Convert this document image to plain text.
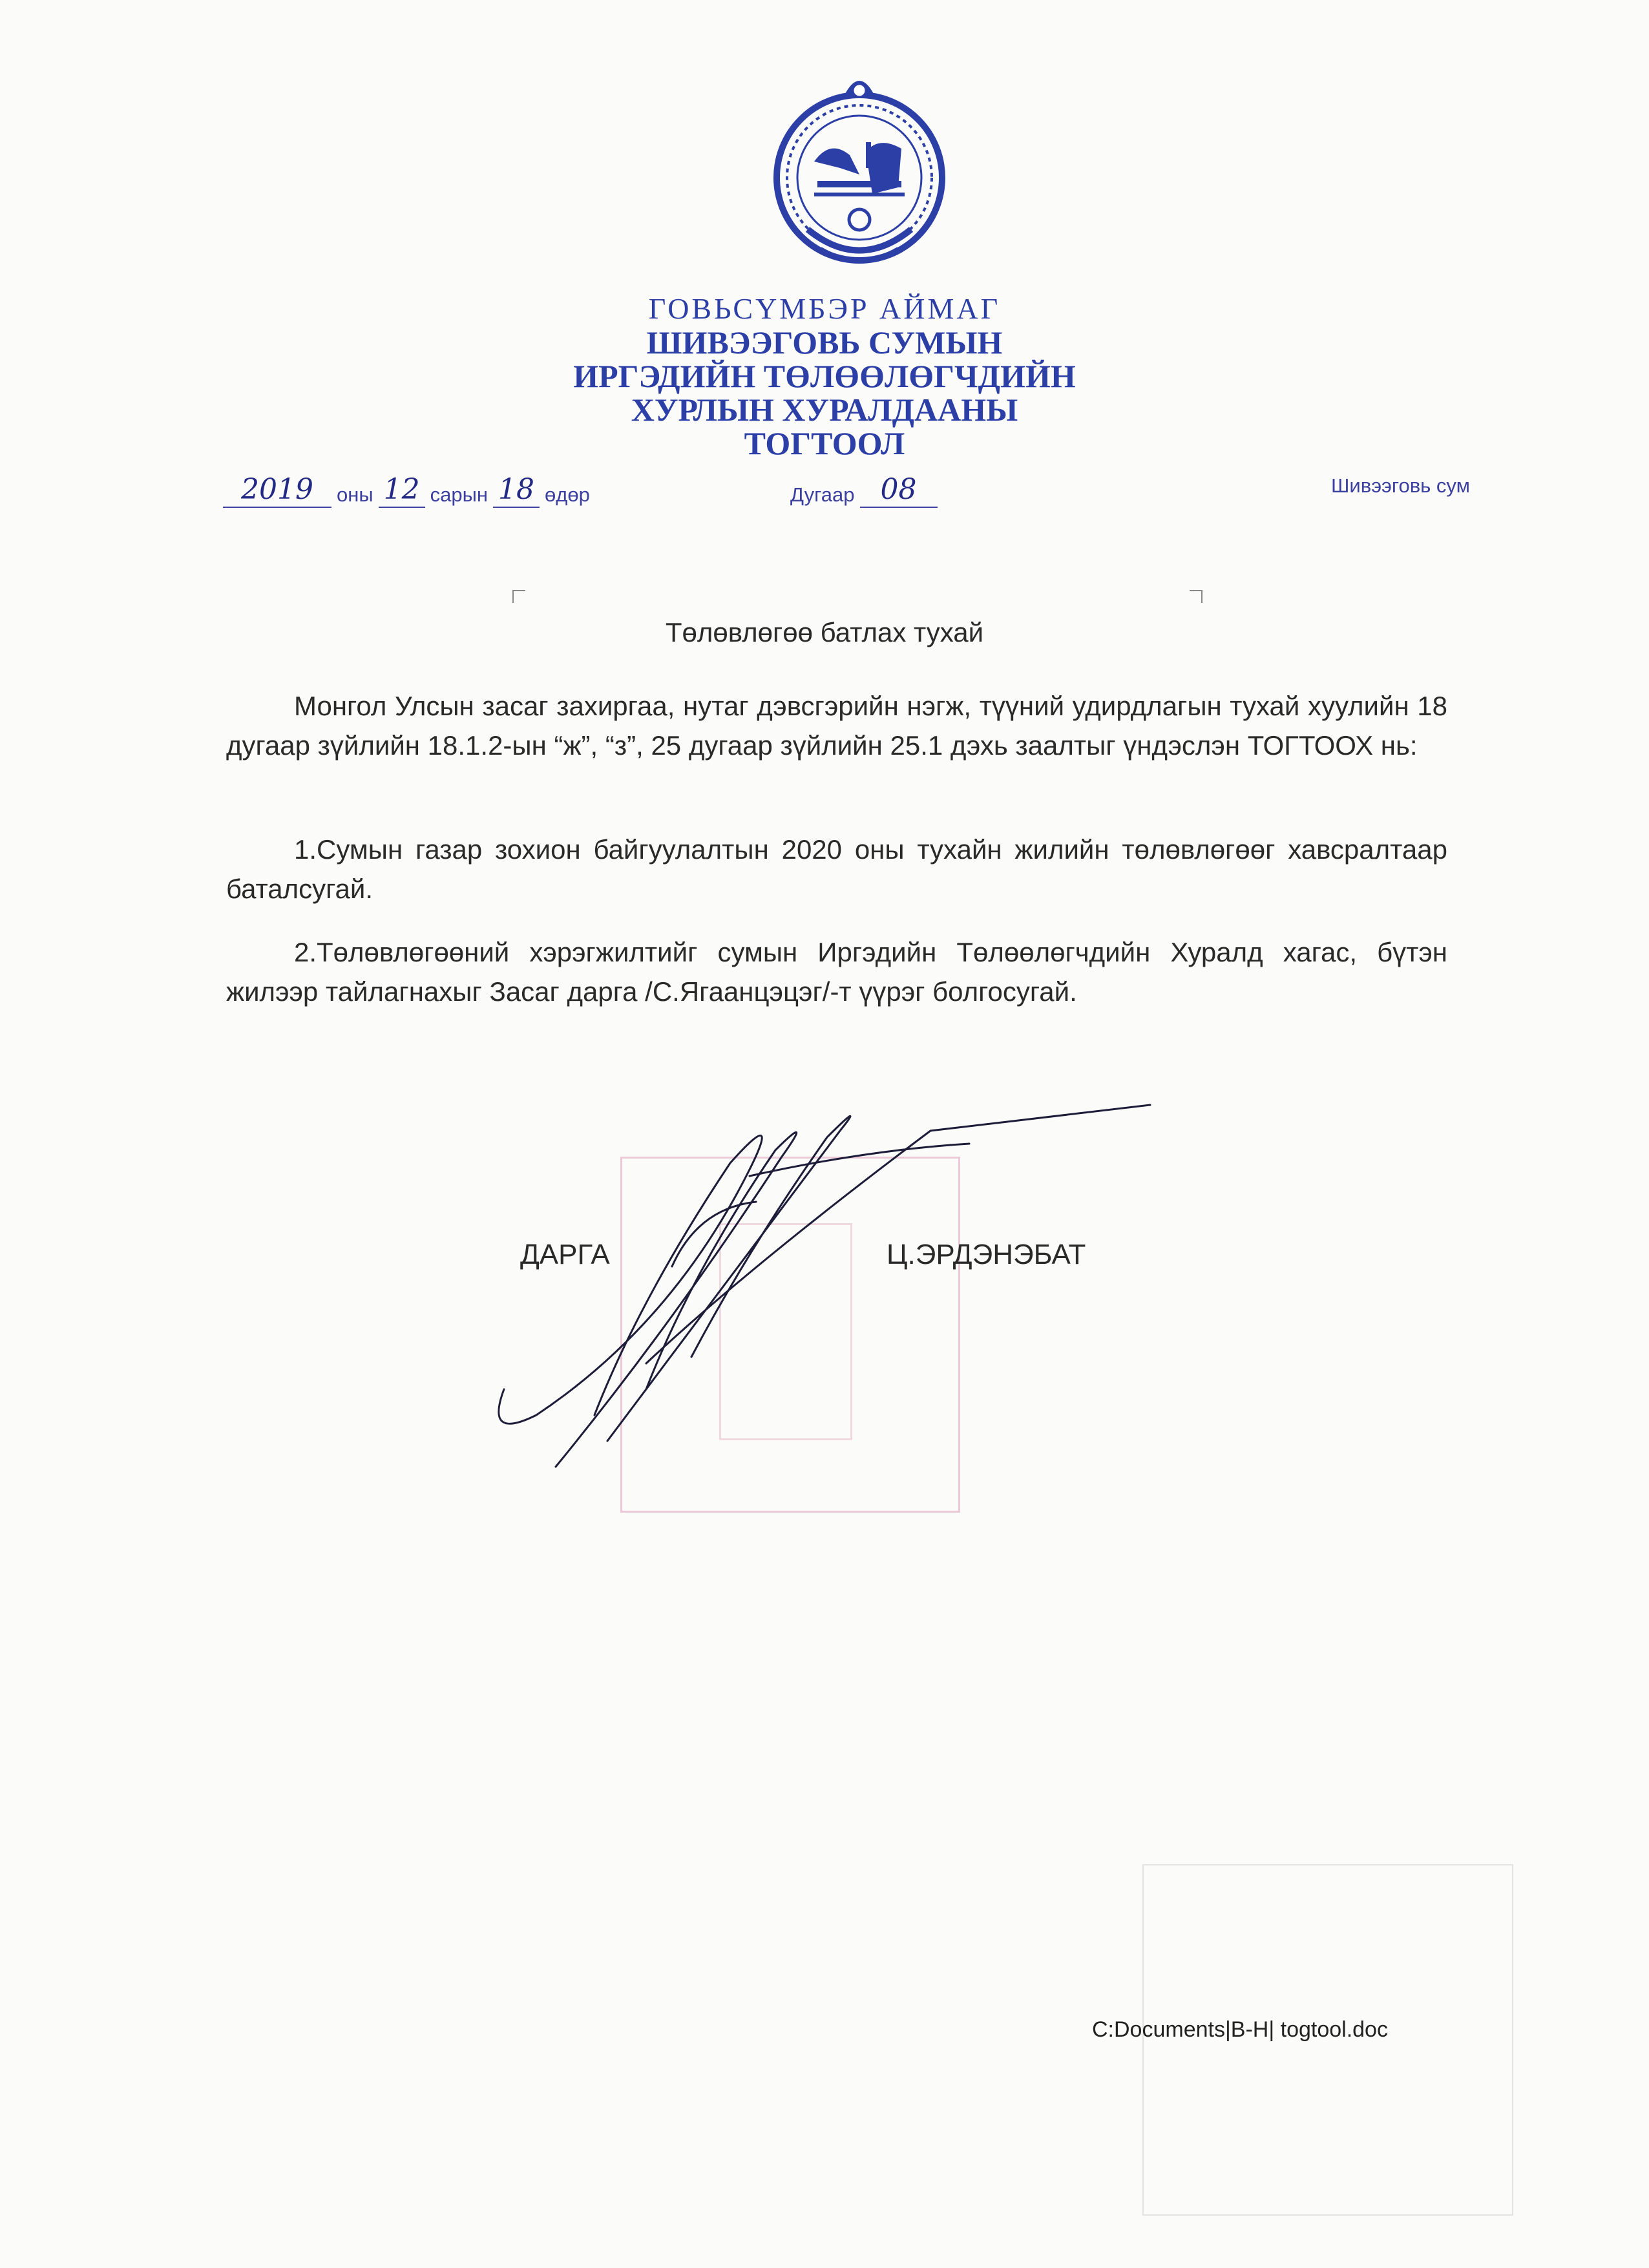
ГОВЬСҮМБЭР АЙМАГ
ШИВЭЭГОВЬ СУМЫН
ИРГЭДИЙН ТӨЛӨӨЛӨГЧДИЙН
ХУРЛЫН ХУРАЛДААНЫ
ТОГТООЛ
2019 оны 12 сарын 18 өдөр	Дугаар 08	Шивээговь сум
Төлөвлөгөө батлах тухай

Монгол Улсын засаг захиргаа, нутаг дэвсгэрийн нэгж, түүний удирдлагын тухай хуулийн 18 дугаар зүйлийн 18.1.2-ын “ж”, “з”, 25 дугаар зүйлийн 25.1 дэхь заалтыг үндэслэн ТОГТООХ нь:

1.Сумын газар зохион байгуулалтын 2020 оны тухайн жилийн төлөвлөгөөг хавсралтаар баталсугай.

2.Төлөвлөгөөний хэрэгжилтийг сумын Иргэдийн Төлөөлөгчдийн Хуралд хагас, бүтэн жилээр тайлагнахыг Засаг дарга /С.Ягаанцэцэг/-т үүрэг болгосугай.

ДАРГА	Ц.ЭРДЭНЭБАТ
C:Documents|B-H| togtool.doc
